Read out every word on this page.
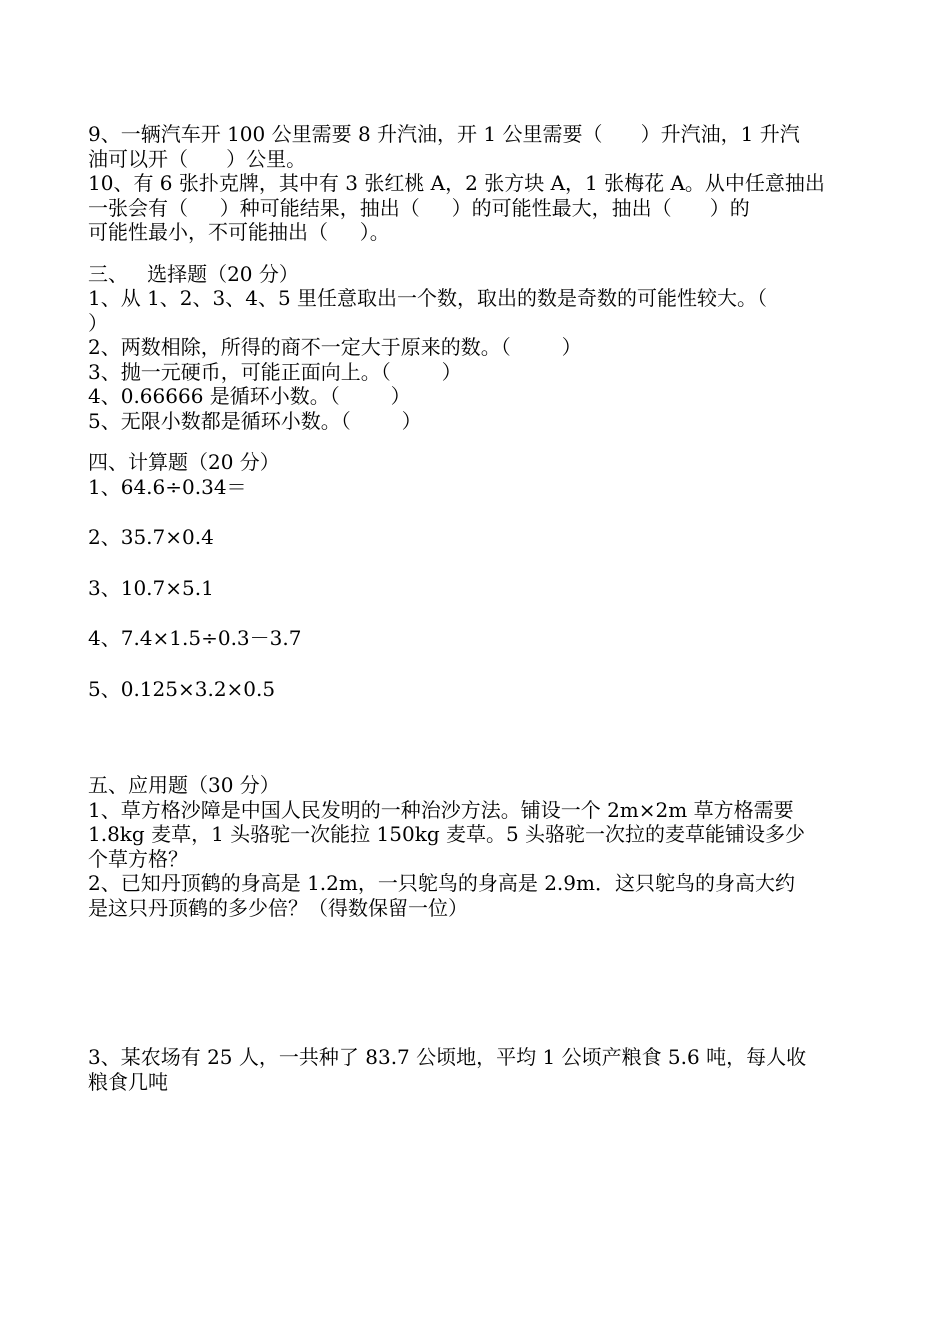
9、一辆汽车开 100 公里需要 8 升汽油，开 1 公里需要（      ）升汽油，1 升汽

油可以开（      ）公里。

10、有 6 张扑克牌，其中有 3 张红桃 A，2 张方块 A，1 张梅花 A。从中任意抽出

一张会有（     ）种可能结果，抽出（     ）的可能性最大，抽出（      ）的

可能性最小，不可能抽出（     ）。

三、   选择题（20 分）

1、从 1、2、3、4、5 里任意取出一个数，取出的数是奇数的可能性较大。（

）

2、两数相除，所得的商不一定大于原来的数。（        ）

3、抛一元硬币，可能正面向上。（        ）

4、0.66666 是循环小数。（        ）

5、无限小数都是循环小数。（        ）

四、计算题（20 分）

1、64.6÷0.34＝

2、35.7×0.4

3、10.7×5.1

4、7.4×1.5÷0.3－3.7

5、0.125×3.2×0.5

五、应用题（30 分）

1、草方格沙障是中国人民发明的一种治沙方法。铺设一个 2m×2m 草方格需要

1.8kg 麦草，1 头骆驼一次能拉 150kg 麦草。5 头骆驼一次拉的麦草能铺设多少

个草方格？

2、已知丹顶鹤的身高是 1.2m，一只鸵鸟的身高是 2.9m．这只鸵鸟的身高大约

是这只丹顶鹤的多少倍？（得数保留一位）

3、某农场有 25 人，一共种了 83.7 公顷地，平均 1 公顷产粮食 5.6 吨，每人收

粮食几吨
